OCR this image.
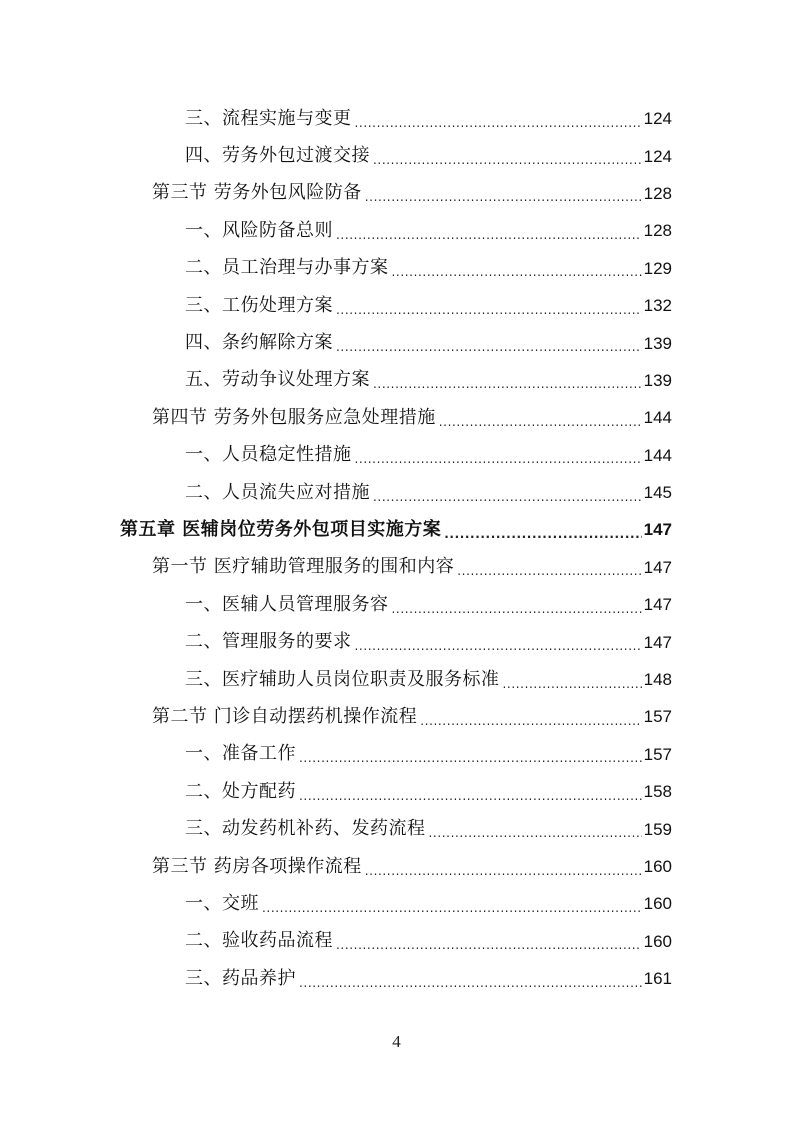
三、流程实施与变更 .....	124
四、劳务外包过渡交接 .....	124
第三节 劳务外包风险防备 .....	128
一、风险防备总则 .....	128
二、员工治理与办事方案 .....	129
三、工伤处理方案 .....	132
四、条约解除方案 .....	139
五、劳动争议处理方案 .....	139
第四节 劳务外包服务应急处理措施 .....	144
一、人员稳定性措施 .....	144
二、人员流失应对措施 .....	145
第五章 医辅岗位劳务外包项目实施方案 .....	147
第一节 医疗辅助管理服务的围和内容 .....	147
一、医辅人员管理服务容 .....	147
二、管理服务的要求 .....	147
三、医疗辅助人员岗位职责及服务标准 .....	148
第二节 门诊自动摆药机操作流程 .....	157
一、准备工作 .....	157
二、处方配药 .....	158
三、动发药机补药、发药流程 .....	159
第三节 药房各项操作流程 .....	160
一、交班 .....	160
二、验收药品流程 .....	160
三、药品养护 .....	161
4
